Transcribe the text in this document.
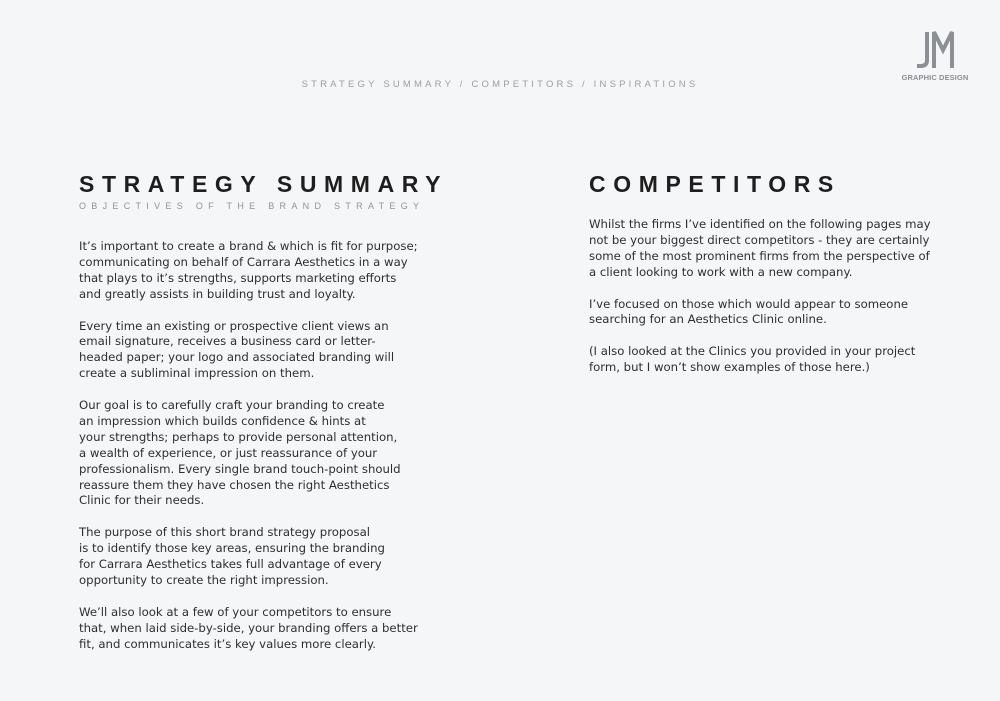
STRATEGY SUMMARY / COMPETITORS / INSPIRATIONS
GRAPHIC DESIGN
STRATEGY SUMMARY
OBJECTIVES OF THE BRAND STRATEGY

It’s important to create a brand & which is fit for purpose;
communicating on behalf of Carrara Aesthetics in a way
that plays to it’s strengths, supports marketing efforts
and greatly assists in building trust and loyalty.

Every time an existing or prospective client views an
email signature, receives a business card or letter-
headed paper; your logo and associated branding will
create a subliminal impression on them.

Our goal is to carefully craft your branding to create
an impression which builds confidence & hints at
your strengths; perhaps to provide personal attention,
a wealth of experience, or just reassurance of your
professionalism. Every single brand touch-point should
reassure them they have chosen the right Aesthetics
Clinic for their needs.

The purpose of this short brand strategy proposal
is to identify those key areas, ensuring the branding
for Carrara Aesthetics takes full advantage of every
opportunity to create the right impression.

We’ll also look at a few of your competitors to ensure
that, when laid side-by-side, your branding offers a better
fit, and communicates it’s key values more clearly.

COMPETITORS

Whilst the firms I’ve identified on the following pages may
not be your biggest direct competitors - they are certainly
some of the most prominent firms from the perspective of
a client looking to work with a new company.

I’ve focused on those which would appear to someone
searching for an Aesthetics Clinic online.

(I also looked at the Clinics you provided in your project
form, but I won’t show examples of those here.)
